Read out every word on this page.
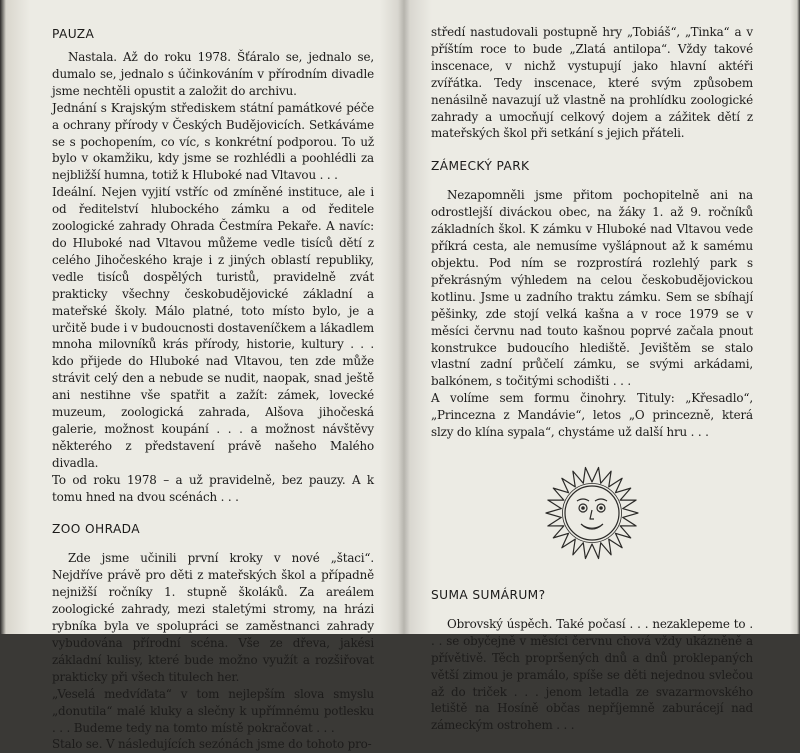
PAUZA

Nastala. Až do roku 1978. Šťáralo se, jednalo se, dumalo se, jednalo s účinkováním v přírodním divadle jsme nechtěli opustit a založit do archivu.

Jednání s Krajským střediskem státní památkové péče a ochrany přírody v Českých Budějovicích. Setkáváme se s pochopením, co víc, s konkrétní podporou. To už bylo v okamžiku, kdy jsme se rozhlédli a poohlédli za nejbližší humna, totiž k Hluboké nad Vltavou . . .

Ideální. Nejen vyjití vstříc od zmíněné instituce, ale i od ředitelství hlubockého zámku a od ředitele zoologické zahrady Ohrada Čestmíra Pekaře. A navíc: do Hluboké nad Vltavou můžeme vedle tisíců dětí z celého Jihočeského kraje i z jiných oblastí republiky, vedle tisíců dospělých turistů, pravidelně zvát prakticky všechny českobudějovické základní a mateřské školy. Málo platné, toto místo bylo, je a určitě bude i v budoucnosti dostaveníčkem a lákadlem mnoha milovníků krás přírody, historie, kultury . . . kdo přijede do Hluboké nad Vltavou, ten zde může strávit celý den a nebude se nudit, naopak, snad ještě ani nestihne vše spatřit a zažít: zámek, lovecké muzeum, zoologická zahrada, Alšova jihočeská galerie, možnost koupání . . . a možnost návštěvy některého z představení právě našeho Malého divadla.

To od roku 1978 – a už pravidelně, bez pauzy. A k tomu hned na dvou scénách . . .

ZOO OHRADA

Zde jsme učinili první kroky v nové „štaci“. Nejdříve právě pro děti z mateřských škol a případně nejnižší ročníky 1. stupně školáků. Za areálem zoologické zahrady, mezi staletými stromy, na hrázi rybníka byla ve spolupráci se zaměstnanci zahrady vybudována přírodní scéna. Vše ze dřeva, jakési základní kulisy, které bude možno využít a rozšiřovat prakticky při všech titulech her.

„Veselá medvíďata“ v tom nejlepším slova smyslu „donutila“ malé kluky a slečny k upřímnému potlesku . . . Budeme tedy na tomto místě pokračovat . . .

Stalo se. V následujících sezónách jsme do tohoto pro-

středí nastudovali postupně hry „Tobiáš“, „Tinka“ a v příštím roce to bude „Zlatá antilopa“. Vždy takové inscenace, v nichž vystupují jako hlavní aktéři zvířátka. Tedy inscenace, které svým způsobem nenásilně navazují už vlastně na prohlídku zoologické zahrady a umocňují celkový dojem a zážitek dětí z mateřských škol při setkání s jejich přáteli.

ZÁMECKÝ PARK

Nezapomněli jsme přitom pochopitelně ani na odrostlejší diváckou obec, na žáky 1. až 9. ročníků základních škol. K zámku v Hluboké nad Vltavou vede příkrá cesta, ale nemusíme vyšlápnout až k samému objektu. Pod ním se rozprostírá rozlehlý park s překrásným výhledem na celou českobudějovickou kotlinu. Jsme u zadního traktu zámku. Sem se sbíhají pěšinky, zde stojí velká kašna a v roce 1979 se v měsíci červnu nad touto kašnou poprvé začala pnout konstrukce budoucího hlediště. Jevištěm se stalo vlastní zadní průčelí zámku, se svými arkádami, balkónem, s točitými schodišti . . .

A volíme sem formu činohry. Tituly: „Křesadlo“, „Princezna z Mandávie“, letos „O princezně, která slzy do klína sypala“, chystáme už další hru . . .

SUMA SUMÁRUM?

Obrovský úspěch. Také počasí . . . nezaklepeme to . . . se obyčejně v měsíci červnu chová vždy ukázněně a přívětivě. Těch propršených dnů a dnů proklepaných větší zimou je pramálo, spíše se děti nejednou svlečou až do triček . . . jenom letadla ze svazarmovského letiště na Hosíně občas nepříjemně zaburácejí nad zámeckým ostrohem . . .
